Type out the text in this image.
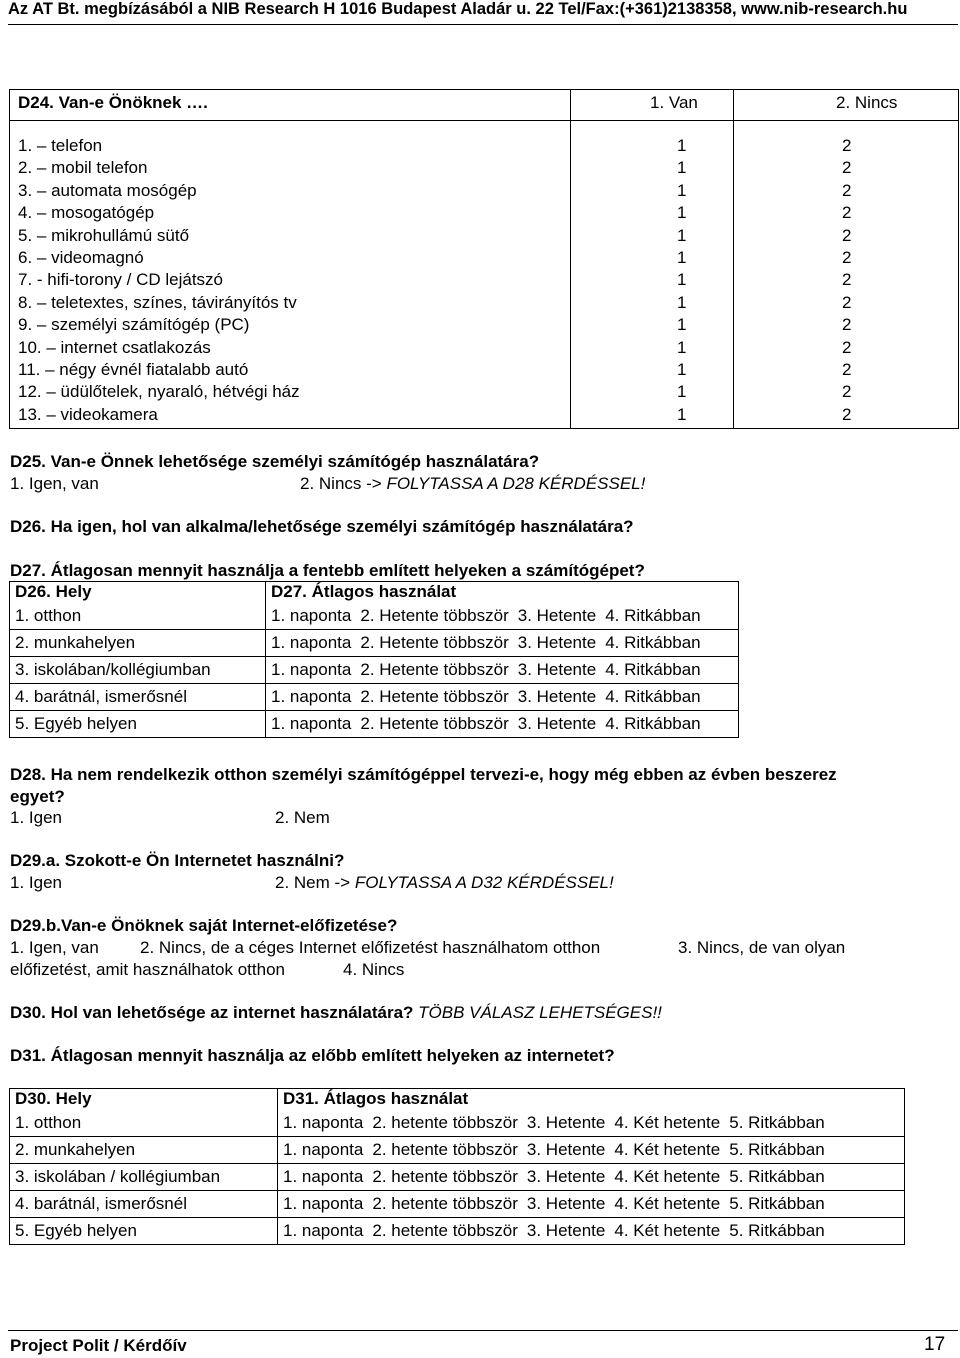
Az AT Bt. megbízásából a NIB Research H 1016 Budapest Aladár u. 22 Tel/Fax:(+361)2138358, www.nib-research.hu
D24. Van-e Önöknek ….	1. Van	2. Nincs
1. – telefon	1	2
2. – mobil telefon	1	2
3. – automata mosógép	1	2
4. – mosogatógép	1	2
5. – mikrohullámú sütő	1	2
6. – videomagnó	1	2
7. - hifi-torony / CD lejátszó	1	2
8. – teletextes, színes, távirányítós tv	1	2
9. – személyi számítógép (PC)	1	2
10. – internet csatlakozás	1	2
11. – négy évnél fiatalabb autó	1	2
12. – üdülőtelek, nyaraló, hétvégi ház	1	2
13. – videokamera	1	2
D25. Van-e Önnek lehetősége személyi számítógép használatára?
1. Igen, van	2. Nincs -> FOLYTASSA A D28 KÉRDÉSSEL!
D26. Ha igen, hol van alkalma/lehetősége személyi számítógép használatára?
D27. Átlagosan mennyit használja a fentebb említett helyeken a számítógépet?
D26. Hely	D27. Átlagos használat
1. otthon	1. naponta 2. Hetente többször 3. Hetente 4. Ritkábban
2. munkahelyen	1. naponta 2. Hetente többször 3. Hetente 4. Ritkábban
3. iskolában/kollégiumban	1. naponta 2. Hetente többször 3. Hetente 4. Ritkábban
4. barátnál, ismerősnél	1. naponta 2. Hetente többször 3. Hetente 4. Ritkábban
5. Egyéb helyen	1. naponta 2. Hetente többször 3. Hetente 4. Ritkábban
D28. Ha nem rendelkezik otthon személyi számítógéppel tervezi-e, hogy még ebben az évben beszerez
egyet?
1. Igen	2. Nem
D29.a. Szokott-e Ön Internetet használni?
1. Igen	2. Nem -> FOLYTASSA A D32 KÉRDÉSSEL!
D29.b.Van-e Önöknek saját Internet-előfizetése?
1. Igen, van 2. Nincs, de a céges Internet előfizetést használhatom otthon	3. Nincs, de van olyan
előfizetést, amit használhatok otthon	4. Nincs
D30. Hol van lehetősége az internet használatára? TÖBB VÁLASZ LEHETSÉGES!!
D31. Átlagosan mennyit használja az előbb említett helyeken az internetet?
D30. Hely	D31. Átlagos használat
1. otthon	1. naponta 2. hetente többször 3. Hetente 4. Két hetente 5. Ritkábban
2. munkahelyen	1. naponta 2. hetente többször 3. Hetente 4. Két hetente 5. Ritkábban
3. iskolában / kollégiumban	1. naponta 2. hetente többször 3. Hetente 4. Két hetente 5. Ritkábban
4. barátnál, ismerősnél	1. naponta 2. hetente többször 3. Hetente 4. Két hetente 5. Ritkábban
5. Egyéb helyen	1. naponta 2. hetente többször 3. Hetente 4. Két hetente 5. Ritkábban
Project Polit / Kérdőív	17
